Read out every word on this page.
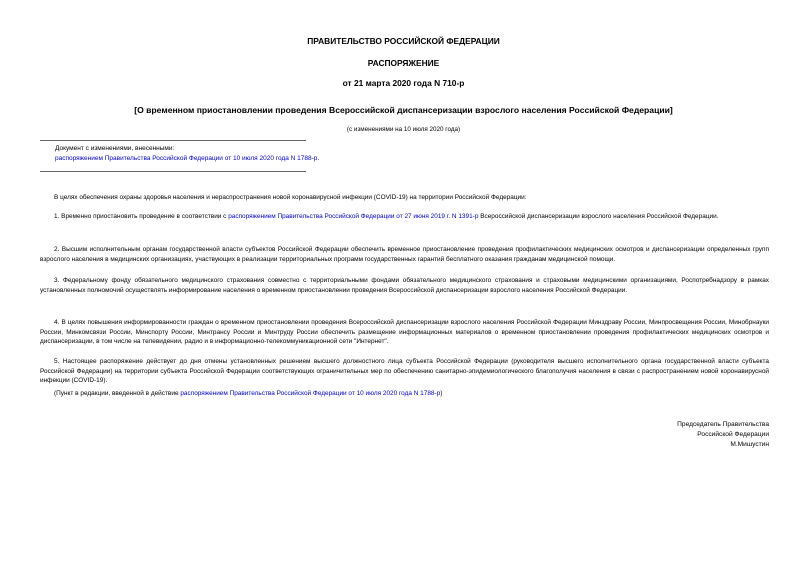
ПРАВИТЕЛЬСТВО РОССИЙСКОЙ ФЕДЕРАЦИИ
РАСПОРЯЖЕНИЕ
от 21 марта 2020 года N 710-р
[О временном приостановлении проведения Всероссийской диспансеризации взрослого населения Российской Федерации]
(с изменениями на 10 июля 2020 года)
Документ с изменениями, внесенными:
распоряжением Правительства Российской Федерации от 10 июля 2020 года N 1788-р.
В целях обеспечения охраны здоровья населения и нераспространения новой коронавирусной инфекции (COVID-19) на территории Российской Федерации:
1. Временно приостановить проведение в соответствии с распоряжением Правительства Российской Федерации от 27 июня 2019 г. N 1391-р Всероссийской диспансеризации взрослого населения Российской Федерации.
2. Высшим исполнительным органам государственной власти субъектов Российской Федерации обеспечить временное приостановление проведения профилактических медицинских осмотров и диспансеризации определенных групп взрослого населения в медицинских организациях, участвующих в реализации территориальных программ государственных гарантий бесплатного оказания гражданам медицинской помощи.
3. Федеральному фонду обязательного медицинского страхования совместно с территориальными фондами обязательного медицинского страхования и страховыми медицинскими организациями, Роспотребнадзору в рамках установленных полномочий осуществлять информирование населения о временном приостановлении проведения Всероссийской диспансеризации взрослого населения Российской Федерации.
4. В целях повышения информированности граждан о временном приостановлении проведения Всероссийской диспансеризации взрослого населения Российской Федерации Минздраву России, Минпросвещения России, Минобрнауки России, Минкомсвязи России, Минспорту России, Минтрансу России и Минтруду России обеспечить размещение информационных материалов о временном приостановлении проведения профилактических медицинских осмотров и диспансеризации, в том числе на телевидении, радио и в информационно-телекоммуникационной сети "Интернет".
5. Настоящее распоряжение действует до дня отмены установленных решением высшего должностного лица субъекта Российской Федерации (руководителя высшего исполнительного органа государственной власти субъекта Российской Федерации) на территории субъекта Российской Федерации соответствующих ограничительных мер по обеспечению санитарно-эпидемиологического благополучия населения в связи с распространением новой коронавирусной инфекции (COVID-19).
(Пункт в редакции, введенной в действие распоряжением Правительства Российской Федерации от 10 июля 2020 года N 1788-р)
Председатель Правительства
Российской Федерации
М.Мишустин
